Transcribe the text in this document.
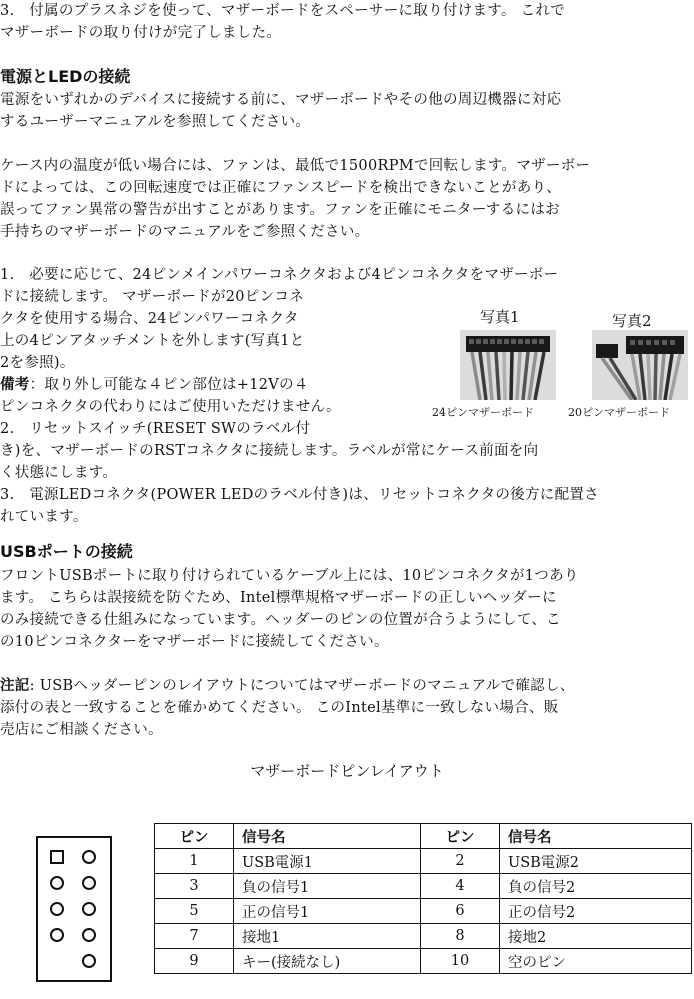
3.　付属のプラスネジを使って、マザーボードをスペーサーに取り付けます。 これで

マザーボードの取り付けが完了しました。

電源とLEDの接続

電源をいずれかのデバイスに接続する前に、マザーボードやその他の周辺機器に対応

するユーザーマニュアルを参照してください。

ケース内の温度が低い場合には、ファンは、最低で1500RPMで回転します。マザーボー

ドによっては、この回転速度では正確にファンスピードを検出できないことがあり、

誤ってファン異常の警告が出すことがあります。ファンを正確にモニターするにはお

手持ちのマザーボードのマニュアルをご参照ください。

1.　必要に応じて、24ピンメインパワーコネクタおよび4ピンコネクタをマザーボー

ドに接続します。 マザーボードが20ピンコネ

クタを使用する場合、24ピンパワーコネクタ

上の4ピンアタッチメントを外します(写真1と

2を参照)。

備考：取り外し可能な４ピン部位は+12Vの４

ピンコネクタの代わりにはご使用いただけません。

2.　リセットスイッチ(RESET SWのラベル付

き)を、マザーボードのRSTコネクタに接続します。ラベルが常にケース前面を向

く状態にします。

3.　電源LEDコネクタ(POWER LEDのラベル付き)は、リセットコネクタの後方に配置さ

れています。

写真1	写真2
24ピンマザーボード	20ピンマザーボード
USBポートの接続

フロントUSBポートに取り付けられているケーブル上には、10ピンコネクタが1つあり

ます。 こちらは誤接続を防ぐため、Intel標準規格マザーボードの正しいヘッダーに

のみ接続できる仕組みになっています。ヘッダーのピンの位置が合うようにして、こ

の10ピンコネクターをマザーボードに接続してください。

注記: USBヘッダーピンのレイアウトについてはマザーボードのマニュアルで確認し、

添付の表と一致することを確かめてください。 このIntel基準に一致しない場合、販

売店にご相談ください。

マザーボードピンレイアウト
ピン	信号名	ピン	信号名
1	USB電源1	2	USB電源2
3	負の信号1	4	負の信号2
5	正の信号1	6	正の信号2
7	接地1	8	接地2
9	キー(接続なし)	10	空のピン
